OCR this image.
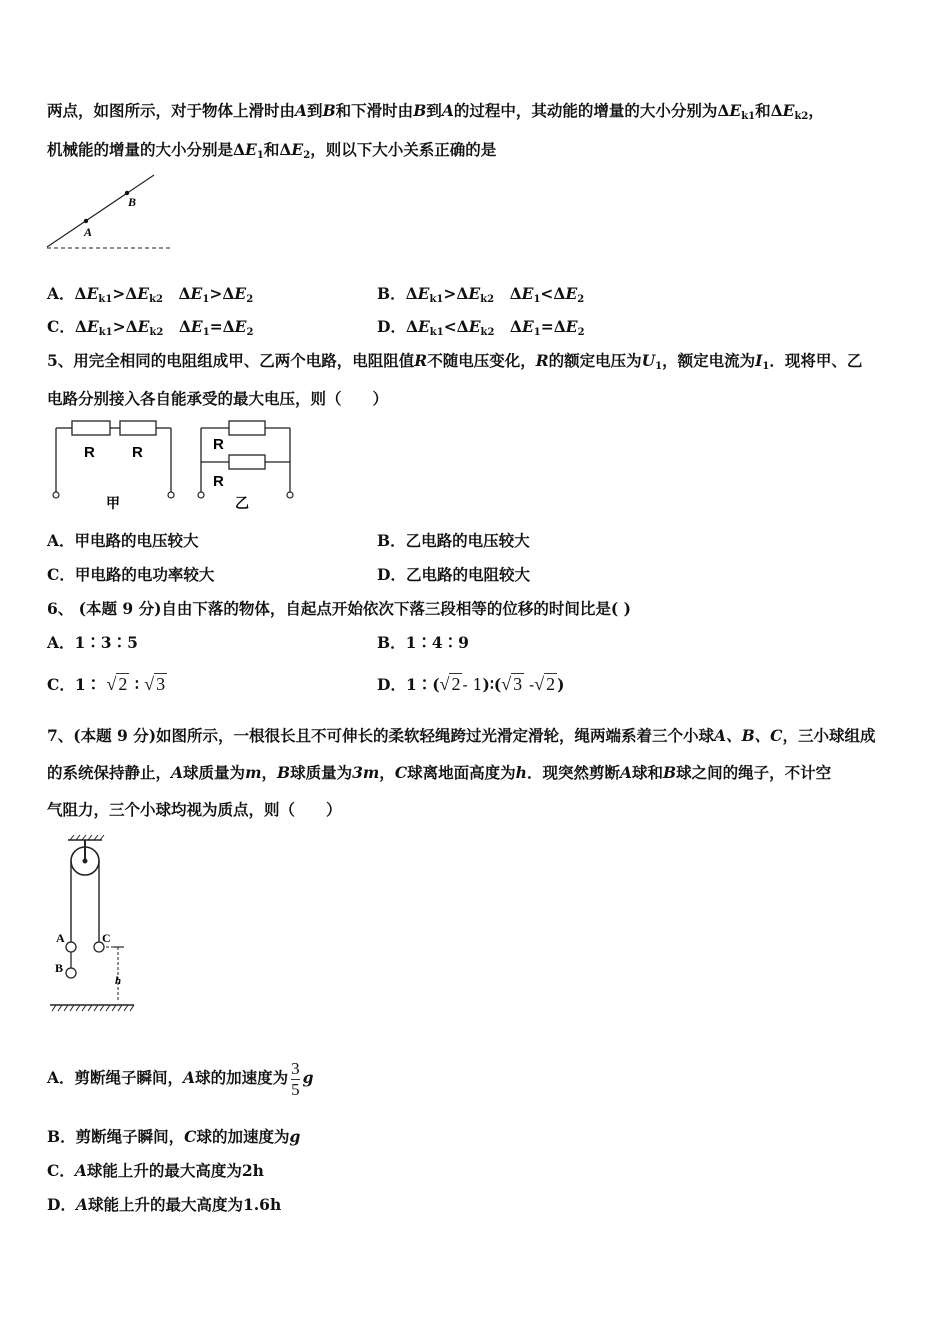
两点，如图所示，对于物体上滑时由A到B和下滑时由B到A的过程中，其动能的增量的大小分别为$\Delta E_{k1}$和$\Delta E_{k2}$，
机械能的增量的大小分别是$\Delta E_1$和$\Delta E_2$，则以下大小关系正确的是
A
B
A．$\Delta E_{k1}>\Delta E_{k2}$　$\Delta E_1>\Delta E_2$	B．$\Delta E_{k1}>\Delta E_{k2}$　$\Delta E_1<\Delta E_2$
C．$\Delta E_{k1}>\Delta E_{k2}$　$\Delta E_1=\Delta E_2$	D．$\Delta E_{k1}<\Delta E_{k2}$　$\Delta E_1=\Delta E_2$
5、用完全相同的电阻组成甲、乙两个电路，电阻阻值R不随电压变化，R的额定电压为$U_1$，额定电流为$I_1$．现将甲、乙
电路分别接入各自能承受的最大电压，则（　　）
R R
甲
R
R
乙
A．甲电路的电压较大	B．乙电路的电压较大
C．甲电路的电功率较大	D．乙电路的电阻较大
6、 (本题 9 分)自由下落的物体，自起点开始依次下落三段相等的位移的时间比是( )
A．1∶3∶5	B．1∶4∶9
C．1∶ √ 2 ∶ √ 3	D．1∶(√ 2 - 1)∶(√ 3 -√ 2 )
7、(本题 9 分)如图所示，一根很长且不可伸长的柔软轻绳跨过光滑定滑轮，绳两端系着三个小球A、B、C，三小球组成
的系统保持静止，A球质量为m，B球质量为3m，C球离地面高度为h．现突然剪断A球和B球之间的绳子，不计空
气阻力，三个小球均视为质点，则（　　）
A
B
C
h
A．剪断绳子瞬间，A球的加速度为 $\frac{3}{5}$ g
B．剪断绳子瞬间，C球的加速度为g
C．A球能上升的最大高度为2h
D．A球能上升的最大高度为1.6h
